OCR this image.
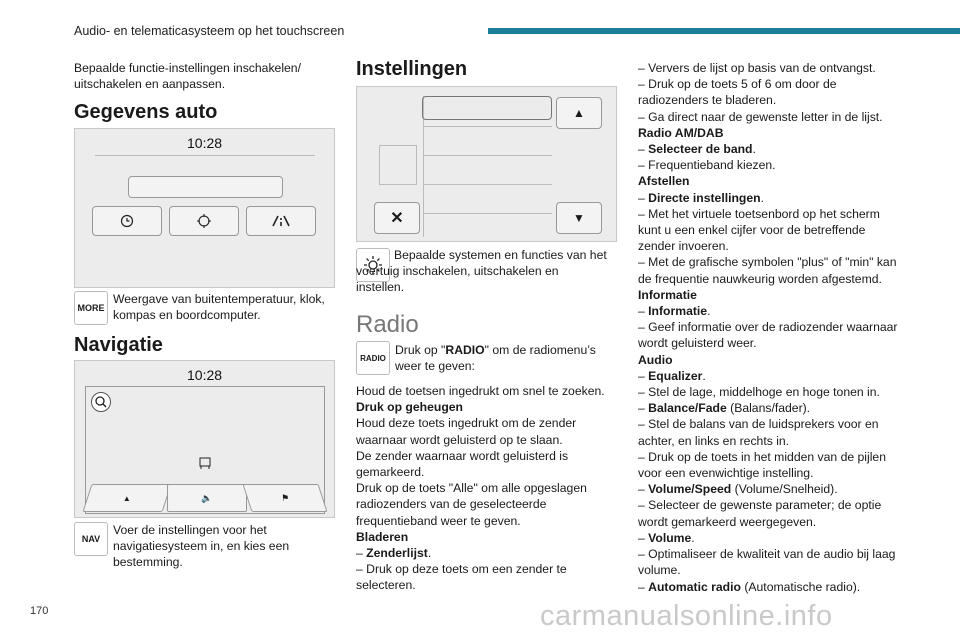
Audio- en telematicasysteem op het touchscreen
Bepaalde functie-instellingen inschakelen/ uitschakelen en aanpassen.
Gegevens auto
10:28
MORE
Weergave van buitentemperatuur, klok, kompas en boordcomputer.
Navigatie
10:28
▲	🔈	⚑
NAV
Voer de instellingen voor het navigatiesysteem in, en kies een bestemming.
Instellingen
▲
▼
✕
Bepaalde systemen en functies van het voertuig inschakelen, uitschakelen en instellen.
Radio
RADIO
Druk op "RADIO" om de radiomenu’s weer te geven:
Houd de toetsen ingedrukt om snel te zoeken.
Druk op geheugen
Houd deze toets ingedrukt om de zender
waarnaar wordt geluisterd op te slaan.
De zender waarnaar wordt geluisterd is
gemarkeerd.
Druk op de toets "Alle" om alle opgeslagen
radiozenders van de geselecteerde
frequentieband weer te geven.
Bladeren
– Zenderlijst.
– Druk op deze toets om een zender te
selecteren.

– Ververs de lijst op basis van de ontvangst.

– Druk op de toets 5 of 6 om door de

radiozenders te bladeren.

– Ga direct naar de gewenste letter in de lijst.

Radio AM/DAB

– Selecteer de band.

– Frequentieband kiezen.

Afstellen

– Directe instellingen.

– Met het virtuele toetsenbord op het scherm

kunt u een enkel cijfer voor de betreffende

zender invoeren.

– Met de grafische symbolen "plus" of "min" kan

de frequentie nauwkeurig worden afgestemd.

Informatie

– Informatie.

– Geef informatie over de radiozender waarnaar

wordt geluisterd weer.

Audio

– Equalizer.

– Stel de lage, middelhoge en hoge tonen in.

– Balance/Fade (Balans/fader).

– Stel de balans van de luidsprekers voor en

achter, en links en rechts in.

– Druk op de toets in het midden van de pijlen

voor een evenwichtige instelling.

– Volume/Speed (Volume/Snelheid).

– Selecteer de gewenste parameter; de optie

wordt gemarkeerd weergegeven.

– Volume.

– Optimaliseer de kwaliteit van de audio bij laag

volume.

– Automatic radio (Automatische radio).

170	carmanualsonline.info
